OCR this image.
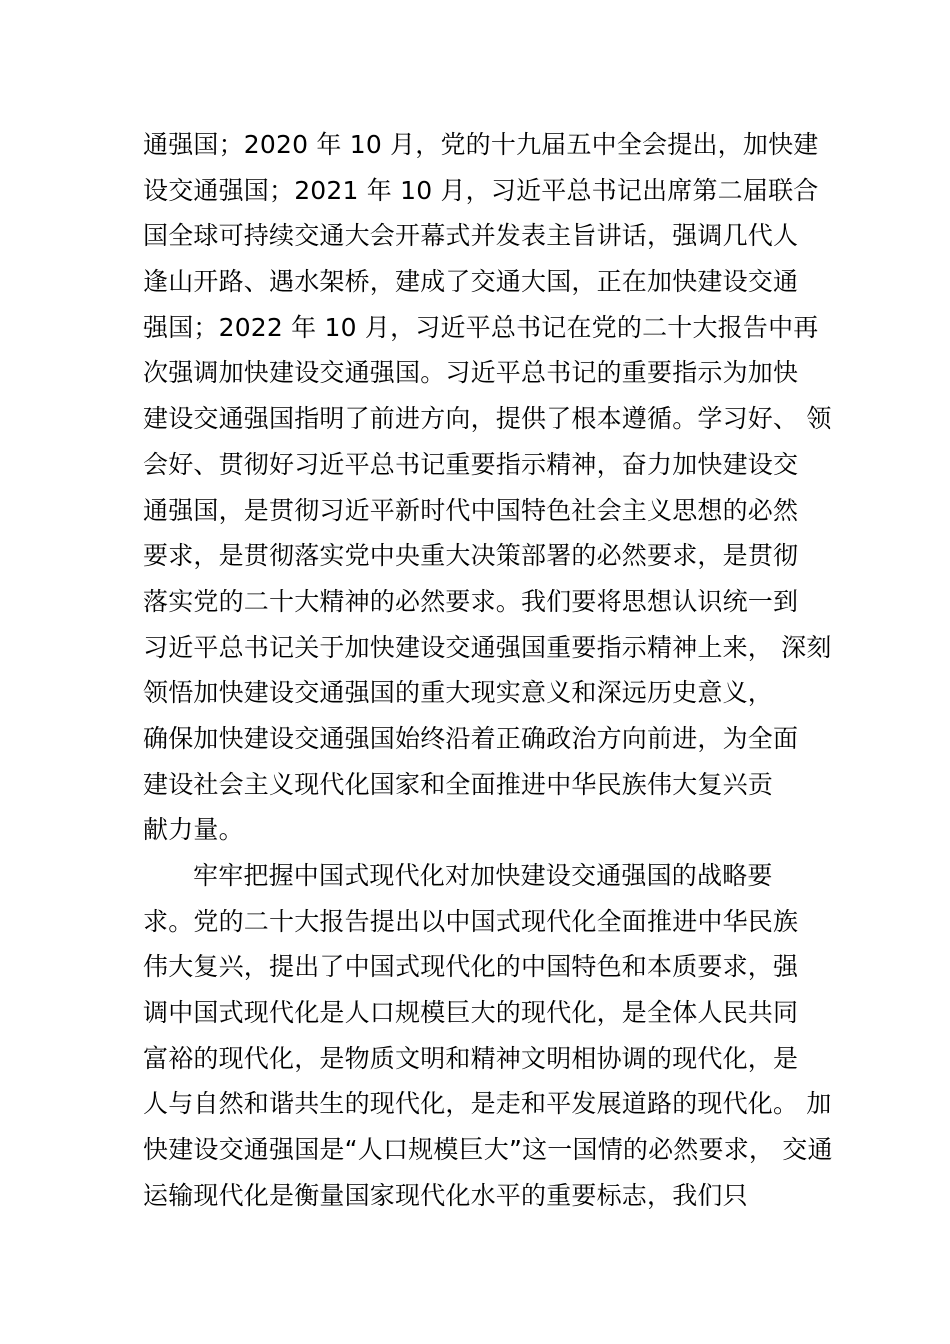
通强国；2020 年 10 月，党的十九届五中全会提出，加快建
设交通强国；2021 年 10 月，习近平总书记出席第二届联合
国全球可持续交通大会开幕式并发表主旨讲话，强调几代人
逢山开路、遇水架桥，建成了交通大国，正在加快建设交通
强国；2022 年 10 月，习近平总书记在党的二十大报告中再
次强调加快建设交通强国。习近平总书记的重要指示为加快
建设交通强国指明了前进方向，提供了根本遵循。学习好、 领
会好、贯彻好习近平总书记重要指示精神，奋力加快建设交
通强国，是贯彻习近平新时代中国特色社会主义思想的必然
要求，是贯彻落实党中央重大决策部署的必然要求，是贯彻
落实党的二十大精神的必然要求。我们要将思想认识统一到
习近平总书记关于加快建设交通强国重要指示精神上来， 深刻
领悟加快建设交通强国的重大现实意义和深远历史意义，
确保加快建设交通强国始终沿着正确政治方向前进，为全面
建设社会主义现代化国家和全面推进中华民族伟大复兴贡
献力量。
牢牢把握中国式现代化对加快建设交通强国的战略要
求。党的二十大报告提出以中国式现代化全面推进中华民族
伟大复兴，提出了中国式现代化的中国特色和本质要求，强
调中国式现代化是人口规模巨大的现代化，是全体人民共同
富裕的现代化，是物质文明和精神文明相协调的现代化，是
人与自然和谐共生的现代化，是走和平发展道路的现代化。 加
快建设交通强国是“人口规模巨大”这一国情的必然要求， 交通
运输现代化是衡量国家现代化水平的重要标志，我们只
